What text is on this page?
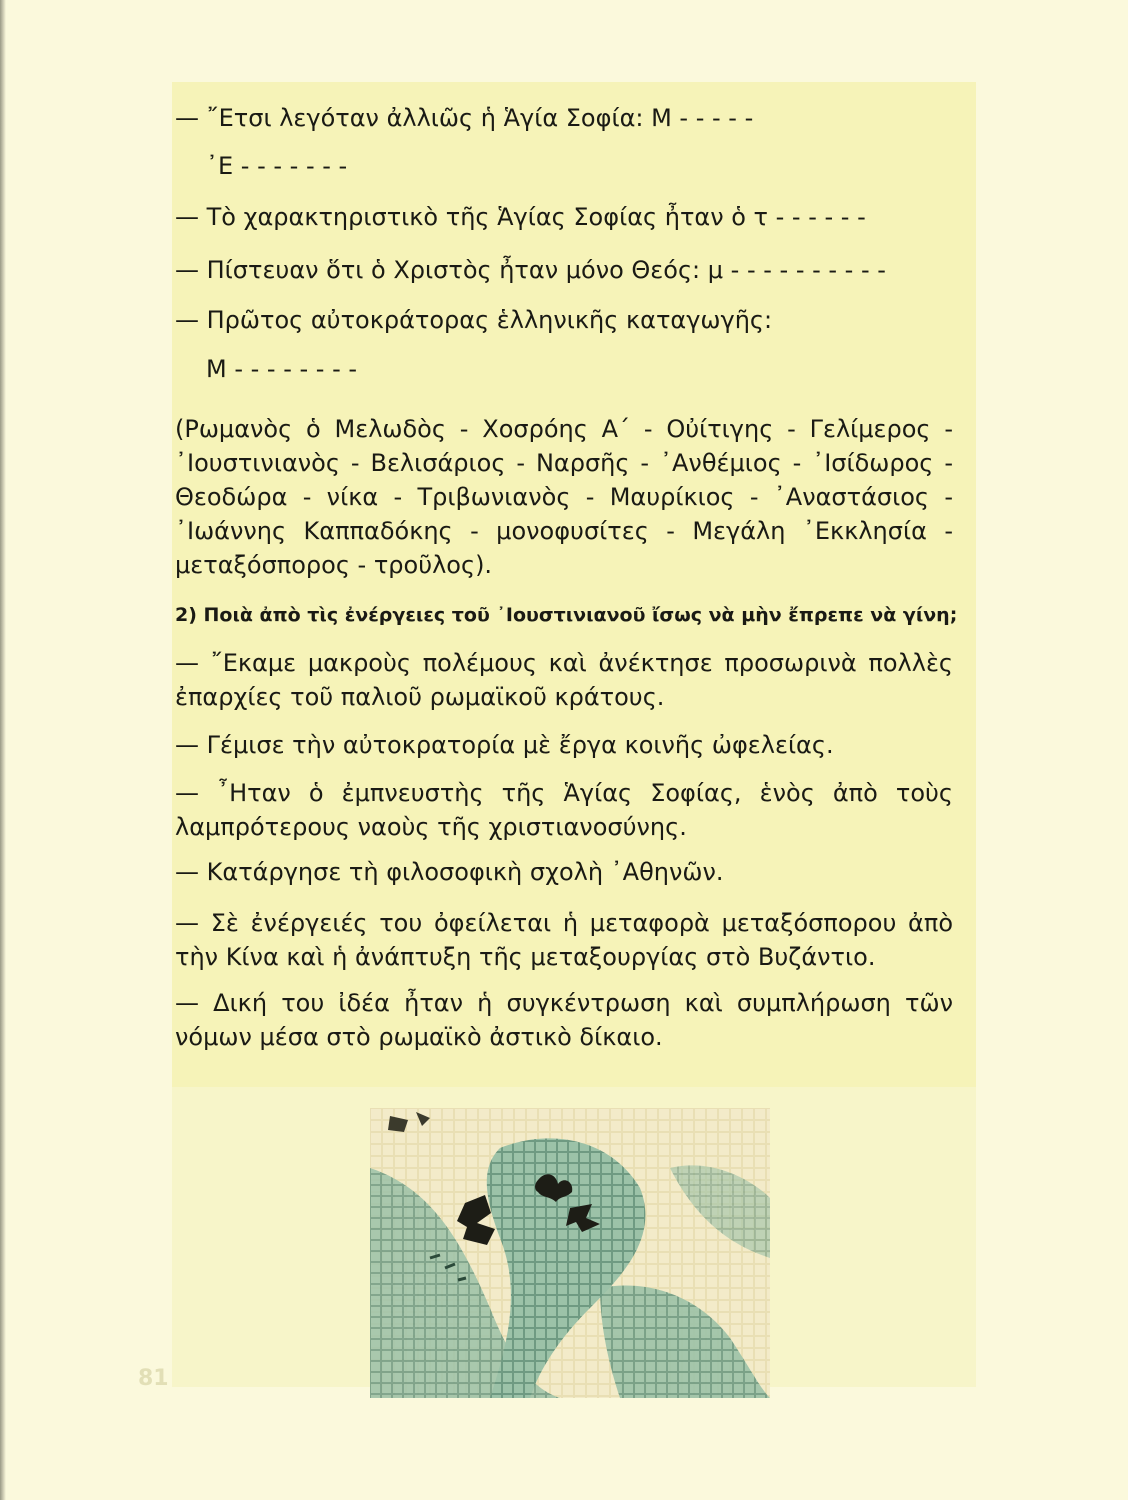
81
— ῎Ετσι λεγόταν ἀλλιῶς ἡ Ἁγία Σοφία: Μ - - - - -
᾽Ε - - - - - - -
— Τὸ χαρακτηριστικὸ τῆς Ἁγίας Σοφίας ἦταν ὁ τ - - - - - -
— Πίστευαν ὅτι ὁ Χριστὸς ἦταν μόνο Θεός: μ - - - - - - - - - -
— Πρῶτος αὐτοκράτορας ἑλληνικῆς καταγωγῆς:
Μ - - - - - - - -
(Ρωμανὸς ὁ Μελωδὸς - Χοσρόης Α΄ - Οὐίτιγης - Γελίμερος - ᾽Ιουστινιανὸς - Βελισάριος - Ναρσῆς - ᾽Ανθέμιος - ᾽Ισίδωρος - Θεοδώρα - νίκα - Τριβωνιανὸς - Μαυρίκιος - ᾽Αναστάσιος - ᾽Ιωάννης Καππαδόκης - μονοφυσίτες - Μεγάλη ᾽Εκκλησία - μεταξόσπορος - τροῦλος).
2) Ποιὰ ἀπὸ τὶς ἐνέργειες τοῦ ᾽Ιουστινιανοῦ ἴσως νὰ μὴν ἔπρεπε νὰ γίνη;
— ῎Εκαμε μακροὺς πολέμους καὶ ἀνέκτησε προσωρινὰ πολλὲς ἐπαρχίες τοῦ παλιοῦ ρωμαϊκοῦ κράτους.
— Γέμισε τὴν αὐτοκρατορία μὲ ἔργα κοινῆς ὠφελείας.
— ῏Ηταν ὁ ἐμπνευστὴς τῆς Ἁγίας Σοφίας, ἑνὸς ἀπὸ τοὺς λαμπρότερους ναοὺς τῆς χριστιανοσύνης.
— Κατάργησε τὴ φιλοσοφικὴ σχολὴ ᾽Αθηνῶν.
— Σὲ ἐνέργειές του ὀφείλεται ἡ μεταφορὰ μεταξόσπορου ἀπὸ τὴν Κίνα καὶ ἡ ἀνάπτυξη τῆς μεταξουργίας στὸ Βυζάντιο.
— Δική του ἰδέα ἦταν ἡ συγκέντρωση καὶ συμπλήρωση τῶν νόμων μέσα στὸ ρωμαϊκὸ ἀστικὸ δίκαιο.
